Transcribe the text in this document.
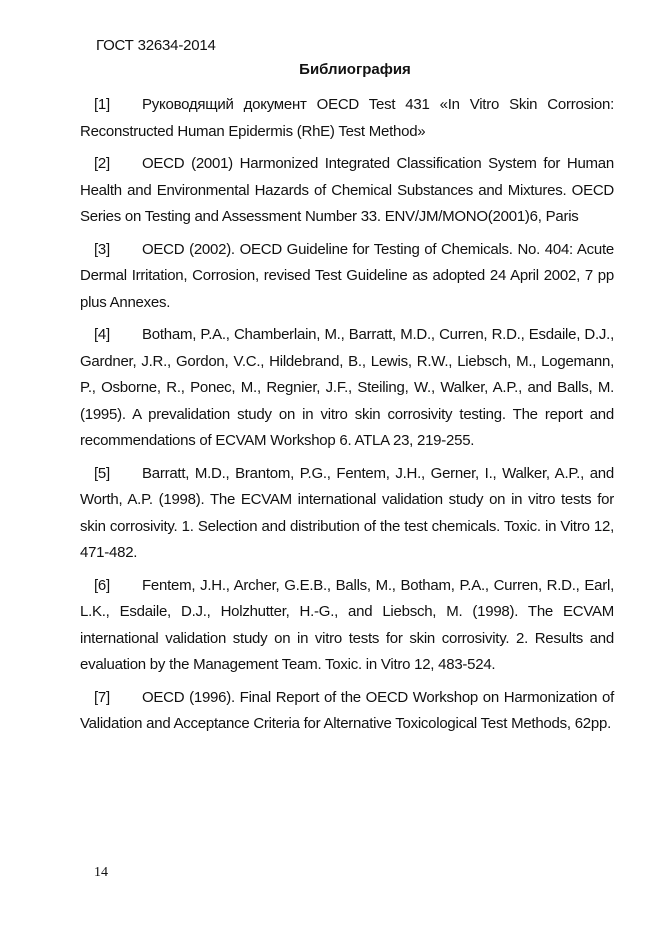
ГОСТ 32634-2014
Библиография

[1] Руководящий документ OECD Test 431 «In Vitro Skin Corrosion: Reconstructed Human Epidermis (RhE) Test Method»

[2] OECD (2001) Harmonized Integrated Classification System for Human Health and Environmental Hazards of Chemical Substances and Mixtures. OECD Series on Testing and Assessment Number 33. ENV/JM/MONO(2001)6, Paris

[3] OECD (2002). OECD Guideline for Testing of Chemicals. No. 404: Acute Dermal Irritation, Corrosion, revised Test Guideline as adopted 24 April 2002, 7 pp plus Annexes.

[4] Botham, P.A., Chamberlain, M., Barratt, M.D., Curren, R.D., Esdaile, D.J., Gardner, J.R., Gordon, V.C., Hildebrand, B., Lewis, R.W., Liebsch, M., Logemann, P., Osborne, R., Ponec, M., Regnier, J.F., Steiling, W., Walker, A.P., and Balls, M. (1995). A prevalidation study on in vitro skin corrosivity testing. The report and recommendations of ECVAM Workshop 6. ATLA 23, 219-255.

[5] Barratt, M.D., Brantom, P.G., Fentem, J.H., Gerner, I., Walker, A.P., and Worth, A.P. (1998). The ECVAM international validation study on in vitro tests for skin corrosivity. 1. Selection and distribution of the test chemicals. Toxic. in Vitro 12, 471-482.

[6] Fentem, J.H., Archer, G.E.B., Balls, M., Botham, P.A., Curren, R.D., Earl, L.K., Esdaile, D.J., Holzhutter, H.-G., and Liebsch, M. (1998). The ECVAM international validation study on in vitro tests for skin corrosivity. 2. Results and evaluation by the Management Team. Toxic. in Vitro 12, 483-524.

[7] OECD (1996). Final Report of the OECD Workshop on Harmonization of Validation and Acceptance Criteria for Alternative Toxicological Test Methods, 62pp.

14
